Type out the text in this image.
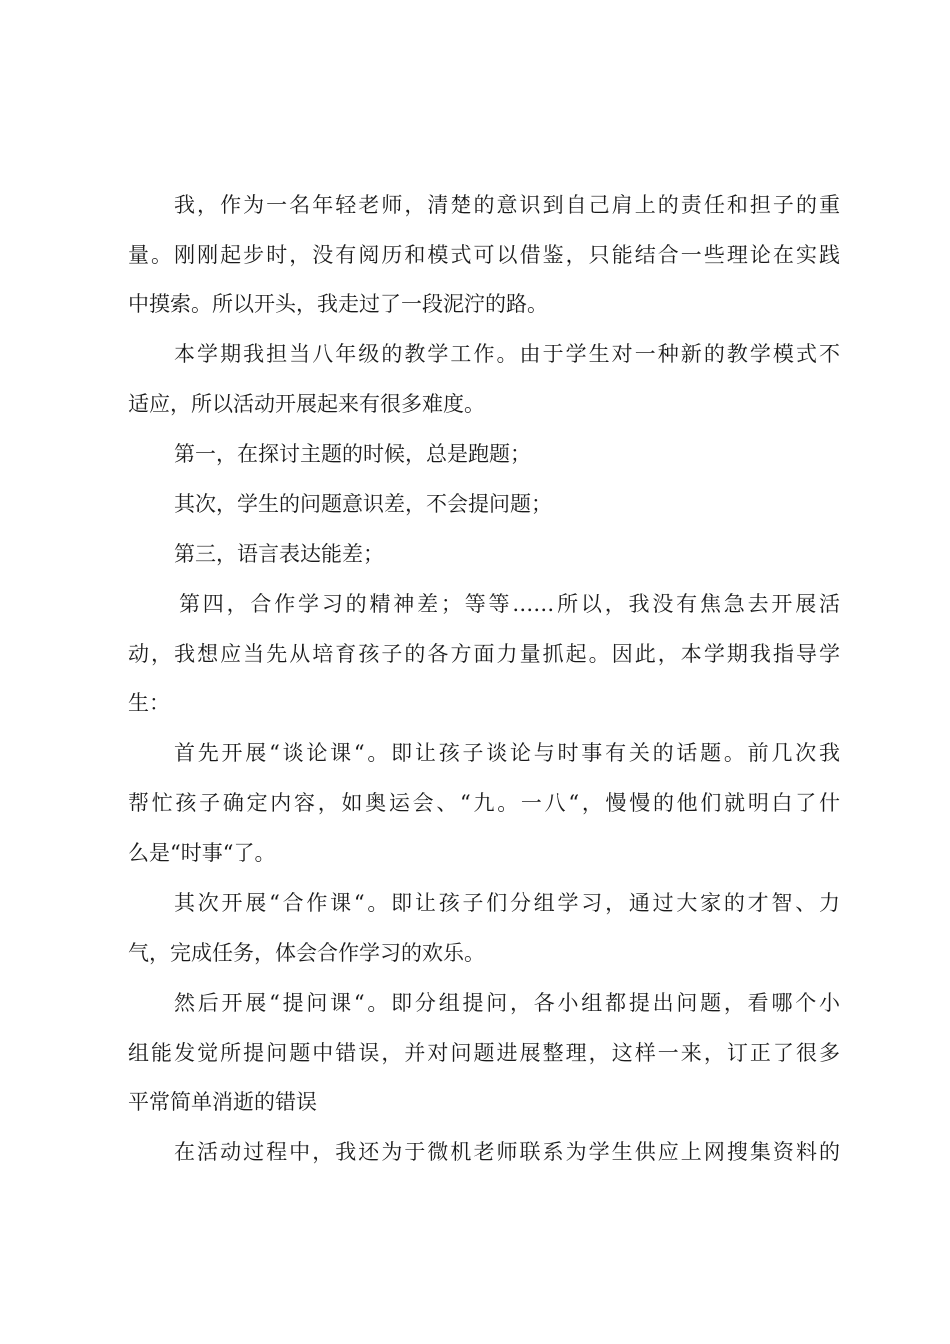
我，作为一名年轻老师，清楚的意识到自己肩上的责任和担子的重
量。刚刚起步时，没有阅历和模式可以借鉴，只能结合一些理论在实践
中摸索。所以开头，我走过了一段泥泞的路。
本学期我担当八年级的教学工作。由于学生对一种新的教学模式不
适应，所以活动开展起来有很多难度。
第一，在探讨主题的时候，总是跑题；
其次，学生的问题意识差，不会提问题；
第三，语言表达能差；
第四，合作学习的精神差；等等……所以，我没有焦急去开展活
动，我想应当先从培育孩子的各方面力量抓起。因此，本学期我指导学
生：
首先开展“谈论课“。即让孩子谈论与时事有关的话题。前几次我
帮忙孩子确定内容，如奥运会、“九。一八“，慢慢的他们就明白了什
么是“时事“了。
其次开展“合作课“。即让孩子们分组学习，通过大家的才智、力
气，完成任务，体会合作学习的欢乐。
然后开展“提问课“。即分组提问，各小组都提出问题，看哪个小
组能发觉所提问题中错误，并对问题进展整理，这样一来，订正了很多
平常简单消逝的错误
在活动过程中，我还为于微机老师联系为学生供应上网搜集资料的
